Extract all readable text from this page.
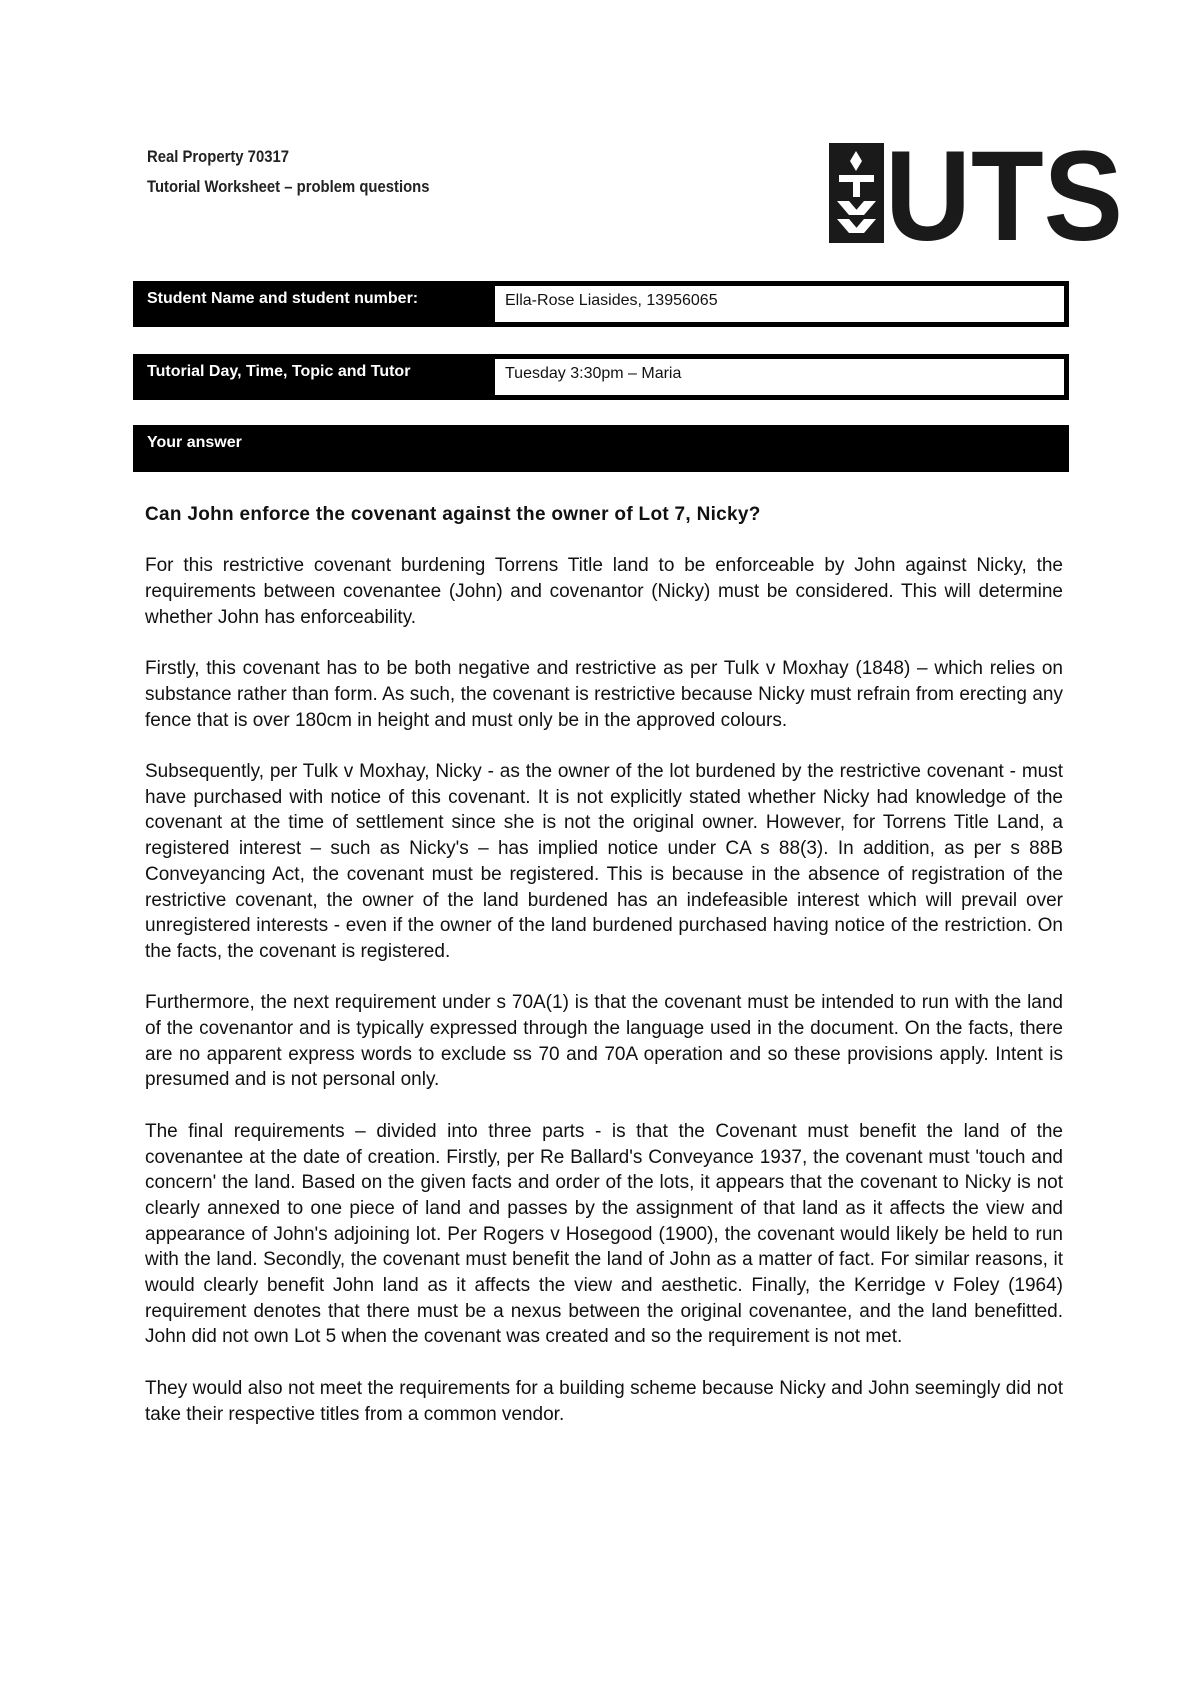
Real Property 70317
Tutorial Worksheet – problem questions	UTS
Student Name and student number:	Ella-Rose Liasides, 13956065
Tutorial Day, Time, Topic and Tutor	Tuesday 3:30pm – Maria
Your answer

Can John enforce the covenant against the owner of Lot 7, Nicky?

For this restrictive covenant burdening Torrens Title land to be enforceable by John against Nicky, the requirements between covenantee (John) and covenantor (Nicky) must be considered. This will determine whether John has enforceability.

Firstly, this covenant has to be both negative and restrictive as per Tulk v Moxhay (1848) – which relies on substance rather than form. As such, the covenant is restrictive because Nicky must refrain from erecting any fence that is over 180cm in height and must only be in the approved colours.

Subsequently, per Tulk v Moxhay, Nicky - as the owner of the lot burdened by the restrictive covenant - must have purchased with notice of this covenant. It is not explicitly stated whether Nicky had knowledge of the covenant at the time of settlement since she is not the original owner. However, for Torrens Title Land, a registered interest – such as Nicky's – has implied notice under CA s 88(3). In addition, as per s 88B Conveyancing Act, the covenant must be registered. This is because in the absence of registration of the restrictive covenant, the owner of the land burdened has an indefeasible interest which will prevail over unregistered interests - even if the owner of the land burdened purchased having notice of the restriction. On the facts, the covenant is registered.

Furthermore, the next requirement under s 70A(1) is that the covenant must be intended to run with the land of the covenantor and is typically expressed through the language used in the document. On the facts, there are no apparent express words to exclude ss 70 and 70A operation and so these provisions apply. Intent is presumed and is not personal only.

The final requirements – divided into three parts - is that the Covenant must benefit the land of the covenantee at the date of creation. Firstly, per Re Ballard's Conveyance 1937, the covenant must 'touch and concern' the land. Based on the given facts and order of the lots, it appears that the covenant to Nicky is not clearly annexed to one piece of land and passes by the assignment of that land as it affects the view and appearance of John's adjoining lot. Per Rogers v Hosegood (1900), the covenant would likely be held to run with the land. Secondly, the covenant must benefit the land of John as a matter of fact. For similar reasons, it would clearly benefit John land as it affects the view and aesthetic. Finally, the Kerridge v Foley (1964) requirement denotes that there must be a nexus between the original covenantee, and the land benefitted. John did not own Lot 5 when the covenant was created and so the requirement is not met.

They would also not meet the requirements for a building scheme because Nicky and John seemingly did not take their respective titles from a common vendor.
